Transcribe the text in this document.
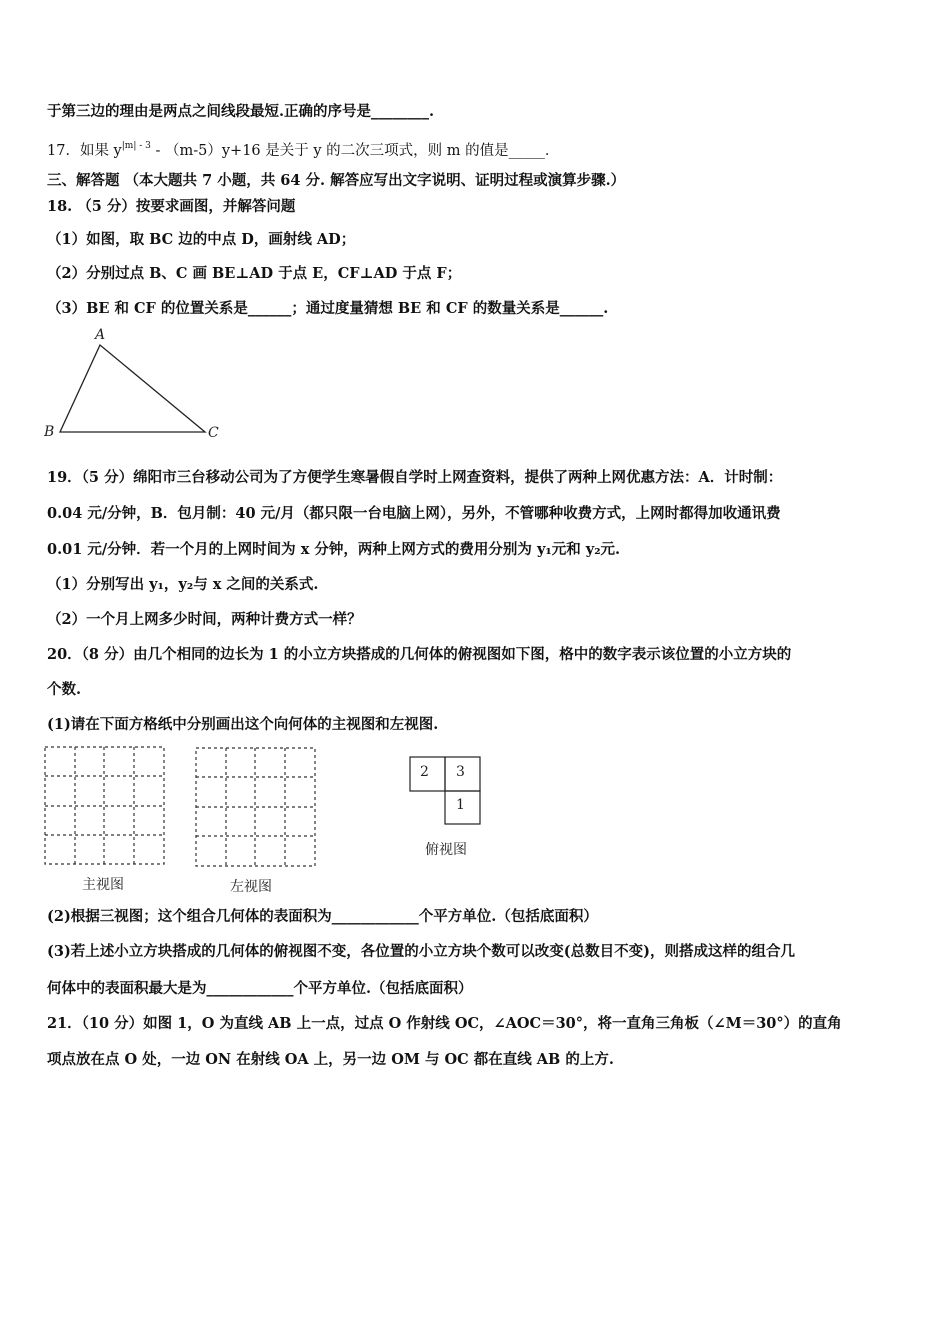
于第三边的理由是两点之间线段最短.正确的序号是________.
17．如果 $y^{|m| - 3} - (m-5)y+16$ 是关于 y 的二次三项式，则 m 的值是_____．
三、解答题 （本大题共 7 小题，共 64 分. 解答应写出文字说明、证明过程或演算步骤.）
18. （5 分）按要求画图，并解答问题
（1）如图，取 BC 边的中点 D，画射线 AD；
（2）分别过点 B、C 画 BE⊥AD 于点 E，CF⊥AD 于点 F；
（3）BE 和 CF 的位置关系是______；通过度量猜想 BE 和 CF 的数量关系是______.
A
B	C
19．（5 分）绵阳市三台移动公司为了方便学生寒暑假自学时上网查资料，提供了两种上网优惠方法：A．计时制：
0.04 元/分钟，B．包月制：40 元/月（都只限一台电脑上网），另外，不管哪种收费方式，上网时都得加收通讯费
0.01 元/分钟．若一个月的上网时间为 x 分钟，两种上网方式的费用分别为 y₁元和 y₂元.
（1）分别写出 y₁，y₂与 x 之间的关系式.
（2）一个月上网多少时间，两种计费方式一样？
20．（8 分）由几个相同的边长为 1 的小立方块搭成的几何体的俯视图如下图，格中的数字表示该位置的小立方块的
个数.
(1)请在下面方格纸中分别画出这个向何体的主视图和左视图.
主视图	左视图
2 3
1
俯视图
(2)根据三视图；这个组合几何体的表面积为____________个平方单位.（包括底面积）
(3)若上述小立方块搭成的几何体的俯视图不变，各位置的小立方块个数可以改变(总数目不变)，则搭成这样的组合几
何体中的表面积最大是为____________个平方单位.（包括底面积）
21．（10 分）如图 1，O 为直线 AB 上一点，过点 O 作射线 OC，∠AOC＝30°，将一直角三角板（∠M＝30°）的直角
项点放在点 O 处，一边 ON 在射线 OA 上，另一边 OM 与 OC 都在直线 AB 的上方.
